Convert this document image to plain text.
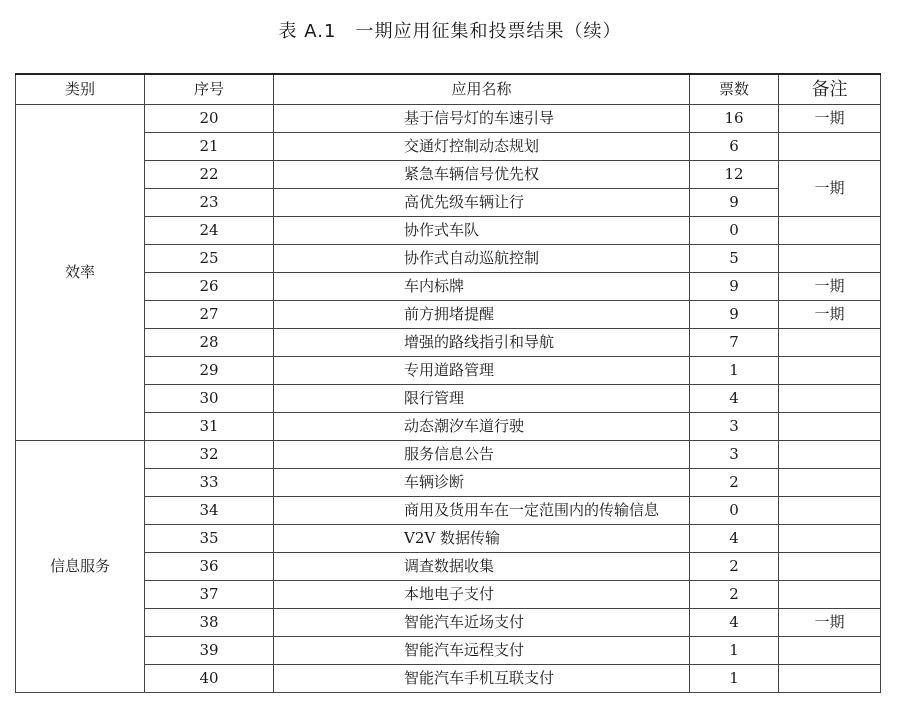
表 A.1　一期应用征集和投票结果（续）
类别	序号	应用名称	票数	备注
效率	20	基于信号灯的车速引导	16	一期
	21	交通灯控制动态规划	6	
	22	紧急车辆信号优先权	12	一期
	23	高优先级车辆让行	9	
	24	协作式车队	0	
	25	协作式自动巡航控制	5	
	26	车内标牌	9	一期
	27	前方拥堵提醒	9	一期
	28	增强的路线指引和导航	7	
	29	专用道路管理	1	
	30	限行管理	4	
	31	动态潮汐车道行驶	3	
信息服务	32	服务信息公告	3	
	33	车辆诊断	2	
	34	商用及货用车在一定范围内的传输信息	0	
	35	V2V 数据传输	4	
	36	调查数据收集	2	
	37	本地电子支付	2	
	38	智能汽车近场支付	4	一期
	39	智能汽车远程支付	1	
	40	智能汽车手机互联支付	1	
